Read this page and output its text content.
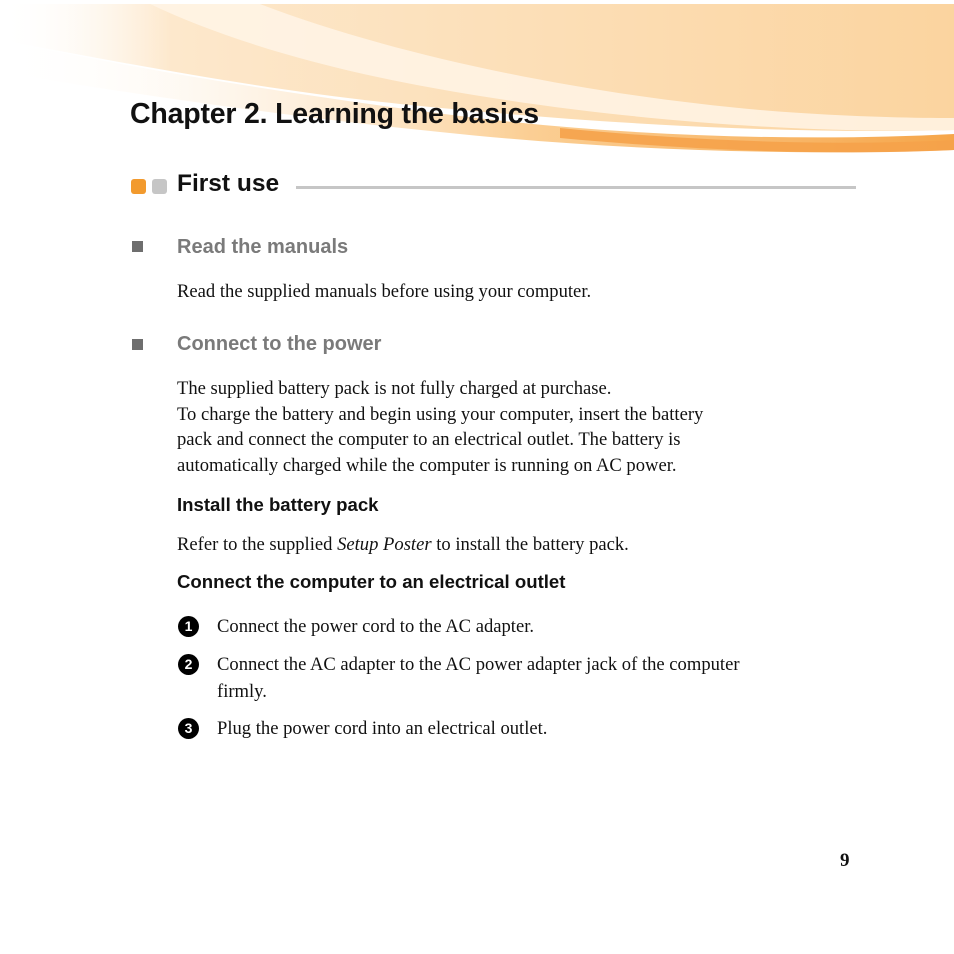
Chapter 2. Learning the basics
First use
Read the manuals

Read the supplied manuals before using your computer.

Connect to the power

The supplied battery pack is not fully charged at purchase.
To charge the battery and begin using your computer, insert the battery
pack and connect the computer to an electrical outlet. The battery is
automatically charged while the computer is running on AC power.

Install the battery pack

Refer to the supplied Setup Poster to install the battery pack.

Connect the computer to an electrical outlet
1	Connect the power cord to the AC adapter.

2	Connect the AC adapter to the AC power adapter jack of the computer
firmly.

3	Plug the power cord into an electrical outlet.

9
